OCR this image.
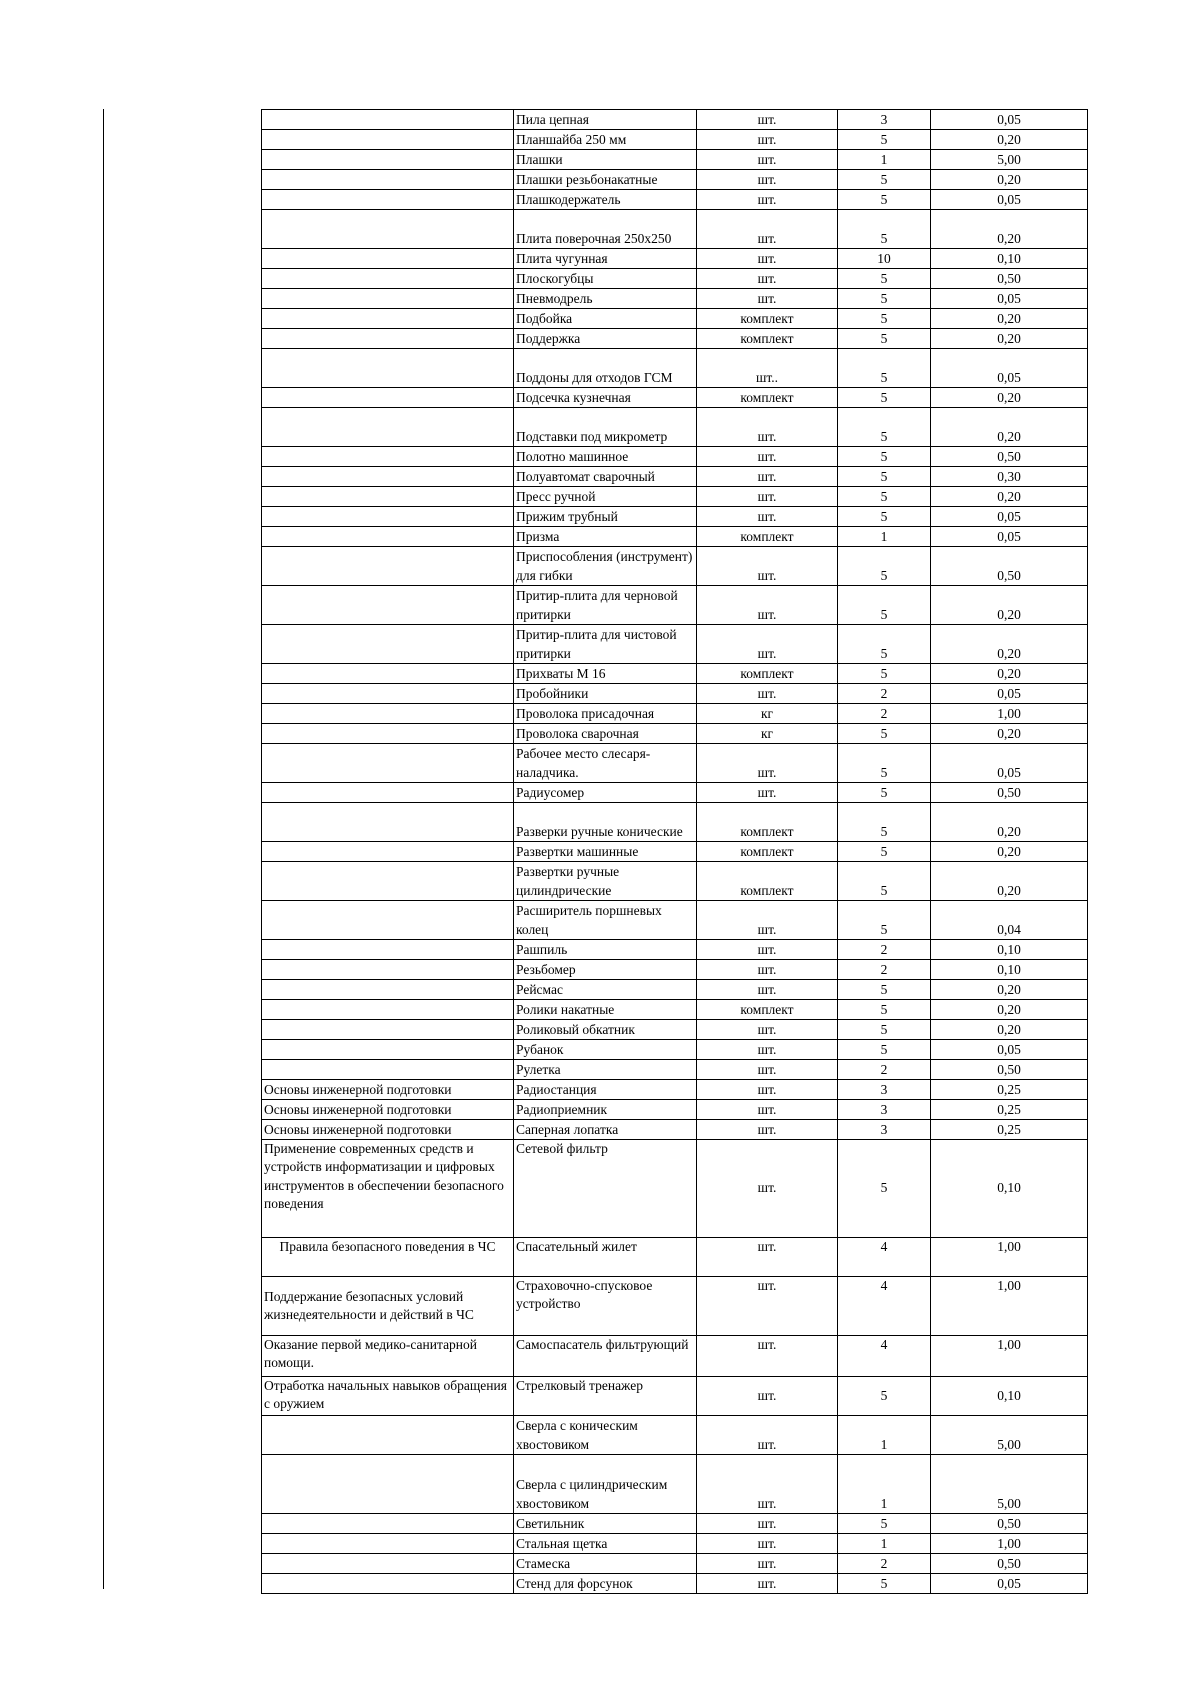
	Пила цепная	шт.	3	0,05
	Планшайба 250 мм	шт.	5	0,20
	Плашки	шт.	1	5,00
	Плашки резьбонакатные	шт.	5	0,20
	Плашкодержатель	шт.	5	0,05
	Плита поверочная 250х250	шт.	5	0,20
	Плита чугунная	шт.	10	0,10
	Плоскогубцы	шт.	5	0,50
	Пневмодрель	шт.	5	0,05
	Подбойка	комплект	5	0,20
	Поддержка	комплект	5	0,20
	Поддоны для отходов ГСМ	шт..	5	0,05
	Подсечка кузнечная	комплект	5	0,20
	Подставки под микрометр	шт.	5	0,20
	Полотно машинное	шт.	5	0,50
	Полуавтомат сварочный	шт.	5	0,30
	Пресс ручной	шт.	5	0,20
	Прижим трубный	шт.	5	0,05
	Призма	комплект	1	0,05
	Приспособления (инструмент) для гибки	шт.	5	0,50
	Притир-плита для черновой притирки	шт.	5	0,20
	Притир-плита для чистовой притирки	шт.	5	0,20
	Прихваты М 16	комплект	5	0,20
	Пробойники	шт.	2	0,05
	Проволока присадочная	кг	2	1,00
	Проволока сварочная	кг	5	0,20
	Рабочее место слесаря-наладчика.	шт.	5	0,05
	Радиусомер	шт.	5	0,50
	Разверки ручные конические	комплект	5	0,20
	Развертки машинные	комплект	5	0,20
	Развертки ручные цилиндрические	комплект	5	0,20
	Расширитель поршневых колец	шт.	5	0,04
	Рашпиль	шт.	2	0,10
	Резьбомер	шт.	2	0,10
	Рейсмас	шт.	5	0,20
	Ролики накатные	комплект	5	0,20
	Роликовый обкатник	шт.	5	0,20
	Рубанок	шт.	5	0,05
	Рулетка	шт.	2	0,50
Основы инженерной подготовки	Радиостанция	шт.	3	0,25
Основы инженерной подготовки	Радиоприемник	шт.	3	0,25
Основы инженерной подготовки	Саперная лопатка	шт.	3	0,25
Применение современных средств и устройств информатизации и цифровых инструментов в обеспечении безопасного поведения	Сетевой фильтр	шт.	5	0,10
Правила безопасного поведения в ЧС	Спасательный жилет	шт.	4	1,00
Поддержание безопасных условий жизнедеятельности и действий в ЧС	Страховочно-спусковое устройство	шт.	4	1,00
Оказание первой медико-санитарной помощи.	Самоспасатель фильтрующий	шт.	4	1,00
Отработка начальных навыков обращения с оружием	Стрелковый тренажер	шт.	5	0,10
	Сверла с коническим хвостовиком	шт.	1	5,00
	Сверла с цилиндрическим хвостовиком	шт.	1	5,00
	Светильник	шт.	5	0,50
	Стальная щетка	шт.	1	1,00
	Стамеска	шт.	2	0,50
	Стенд для форсунок	шт.	5	0,05
